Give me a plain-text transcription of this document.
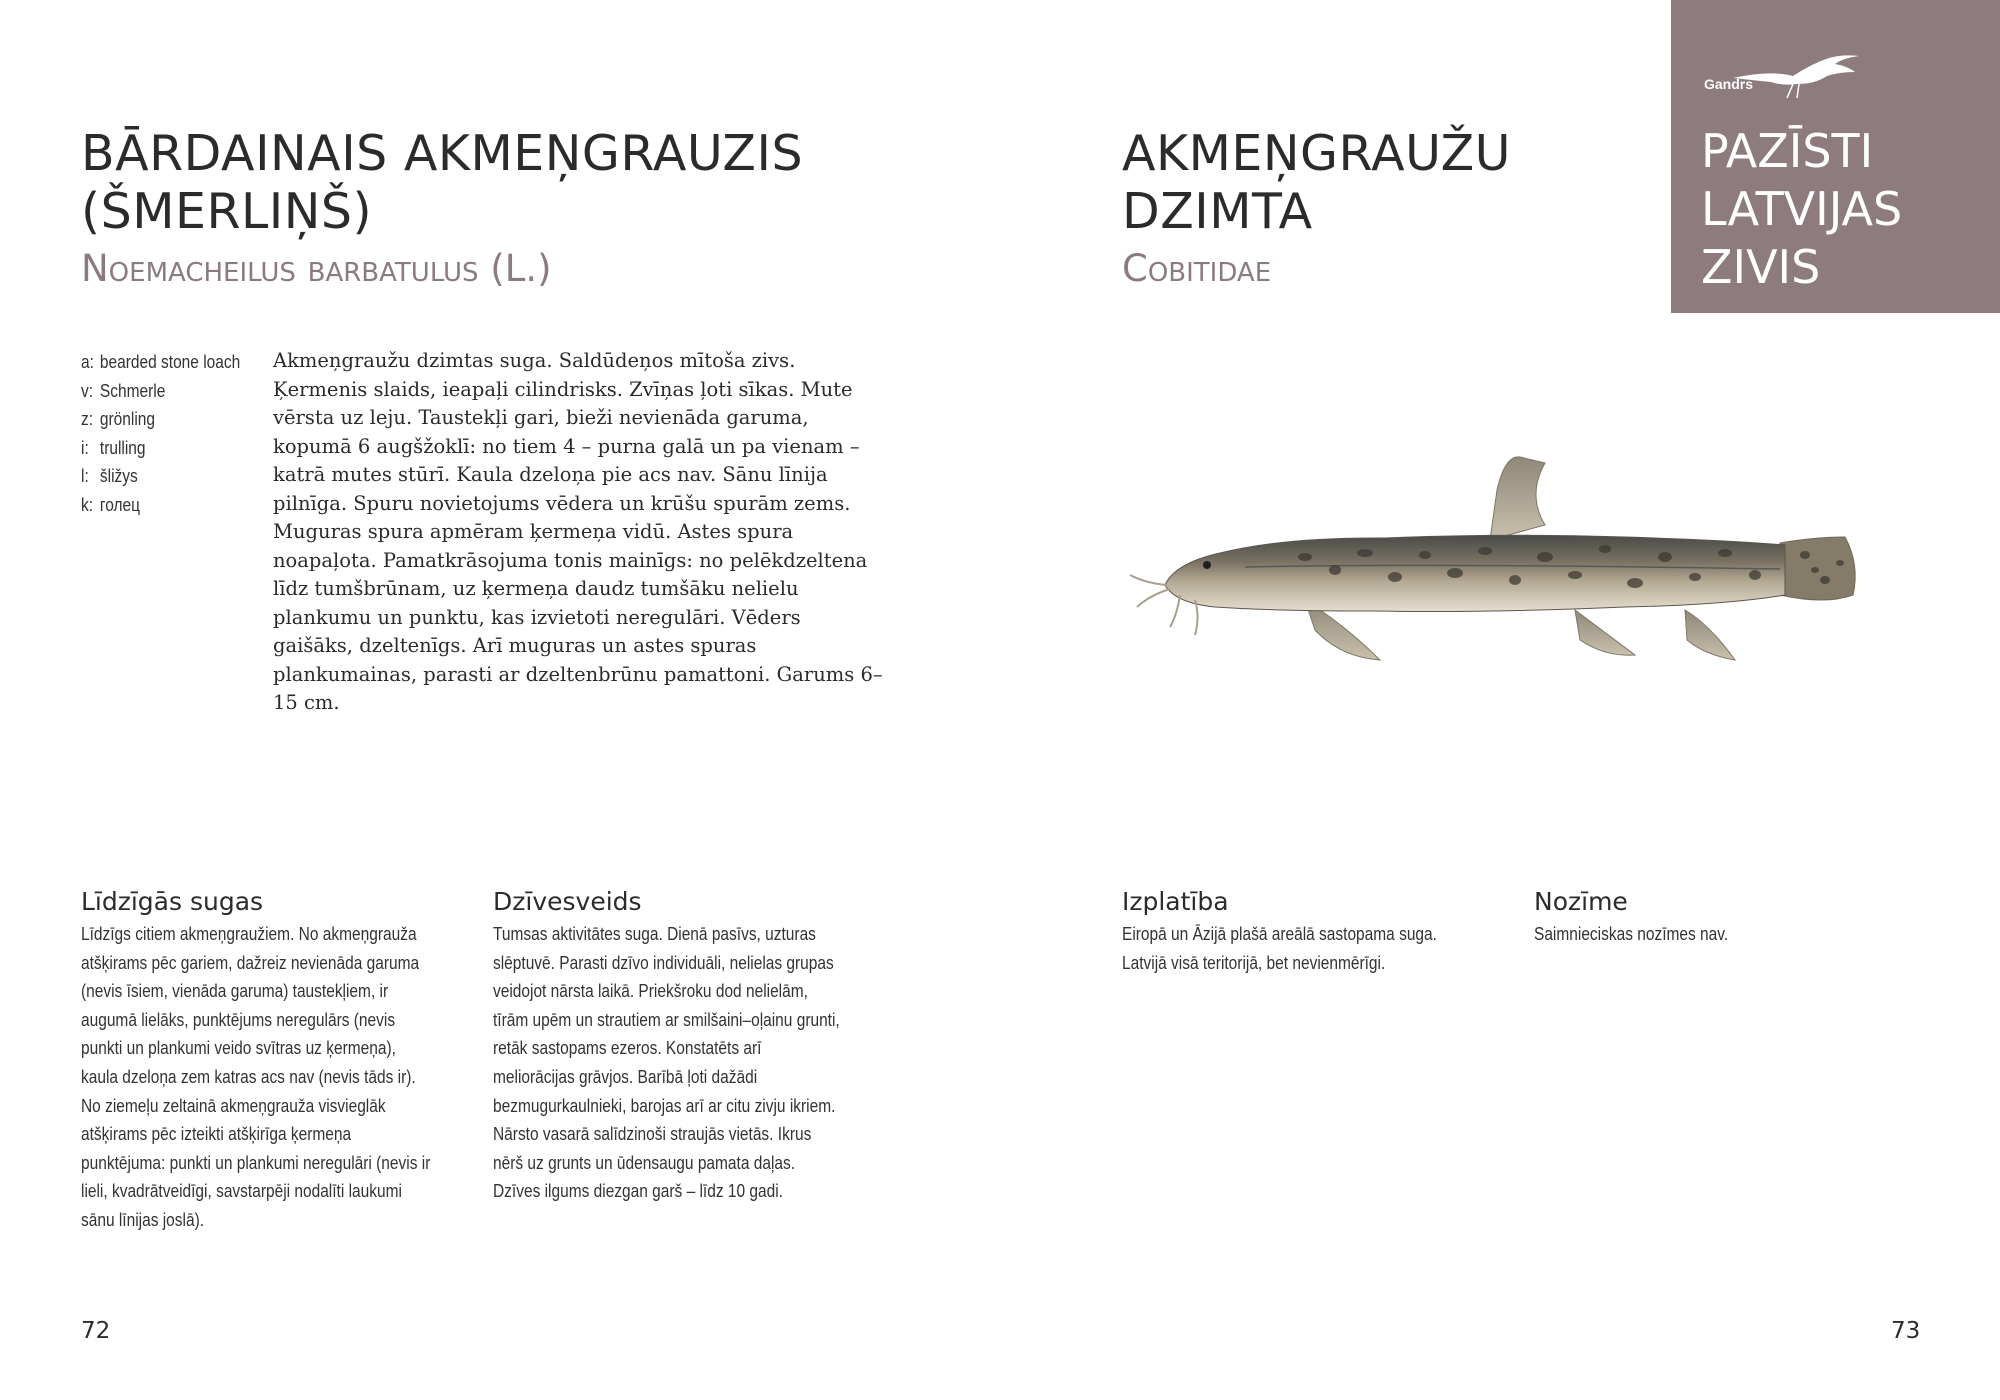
BĀRDAINAIS AKMEŅGRAUZIS
(ŠMERLIŅŠ)
Noemacheilus barbatulus (L.)
a: bearded stone loach
v: Schmerle
z: grönling
i: trulling
l: šližys
k: голец
Akmeņgraužu dzimtas suga. Saldūdeņos mītoša zivs. Ķermenis slaids, ieapaļi cilindrisks. Zvīņas ļoti sīkas. Mute vērsta uz leju. Taustekļi gari, bieži nevienāda garuma, kopumā 6 augšžoklī: no tiem 4 – purna galā un pa vienam – katrā mutes stūrī. Kaula dzeloņa pie acs nav. Sānu līnija pilnīga. Spuru novietojums vēdera un krūšu spurām zems. Muguras spura apmēram ķermeņa vidū. Astes spura noapaļota. Pamatkrāsojuma tonis mainīgs: no pelēkdzeltena līdz tumšbrūnam, uz ķermeņa daudz tumšāku nelielu plankumu un punktu, kas izvietoti neregulāri. Vēders gaišāks, dzeltenīgs. Arī muguras un astes spuras plankumainas, parasti ar dzeltenbrūnu pamattoni. Garums 6–15 cm.
Līdzīgās sugas
Līdzīgs citiem akmeņgraužiem. No akmeņgrauža atšķirams pēc gariem, dažreiz nevienāda garuma (nevis īsiem, vienāda garuma) taustekļiem, ir augumā lielāks, punktējums neregulārs (nevis punkti un plankumi veido svītras uz ķermeņa), kaula dzeloņa zem katras acs nav (nevis tāds ir). No ziemeļu zeltainā akmeņgrauža visvieglāk atšķirams pēc izteikti atšķirīga ķermeņa punktējuma: punkti un plankumi neregulāri (nevis ir lieli, kvadrātveidīgi, savstarpēji nodalīti laukumi sānu līnijas joslā).
Dzīvesveids
Tumsas aktivitātes suga. Dienā pasīvs, uzturas slēptuvē. Parasti dzīvo individuāli, nelielas grupas veidojot nārsta laikā. Priekšroku dod nelielām, tīrām upēm un strautiem ar smilšaini–oļainu grunti, retāk sastopams ezeros. Konstatēts arī meliorācijas grāvjos. Barībā ļoti dažādi bezmugurkaulnieki, barojas arī ar citu zivju ikriem. Nārsto vasarā salīdzinoši straujās vietās. Ikrus nērš uz grunts un ūdensaugu pamata daļas. Dzīves ilgums diezgan garš – līdz 10 gadi.
72
AKMEŅGRAUŽU
DZIMTA
Cobitidae
Izplatība
Eiropā un Āzijā plašā areālā sastopama suga. Latvijā visā teritorijā, bet nevienmērīgi.
Nozīme
Saimnieciskas nozīmes nav.
73
Gandrs
PAZĪSTI
LATVIJAS
ZIVIS
